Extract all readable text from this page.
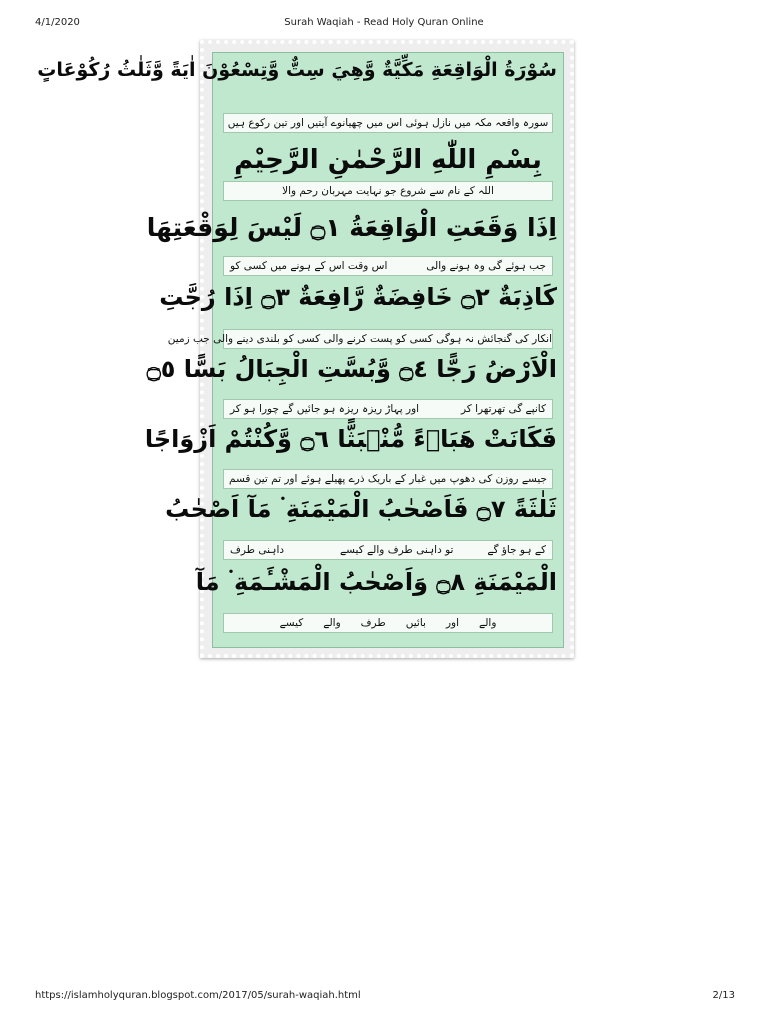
4/1/2020	Surah Waqiah - Read Holy Quran Online
سُوْرَةُ الْوَاقِعَةِ مَكِّيَّةٌ وَّهِيَ سِتٌّ وَّتِسْعُوْنَ اٰيَةً وَّثَلٰثُ رُكُوْعَاتٍ
سورہ واقعہ مکہ میں نازل ہوئی اس میں چھیانوے آیتیں اور تین رکوع ہیں
بِسْمِ اللّٰهِ الرَّحْمٰنِ الرَّحِيْمِ
اللہ کے نام سے شروع جو نہایت مہربان رحم والا
اِذَا وَقَعَتِ الْوَاقِعَةُ ۝١ لَيْسَ لِوَقْعَتِهَا
جب ہوئے گی وہ ہونے والی
اس وقت اس کے ہونے میں کسی کو
كَاذِبَةٌ ۝٢ خَافِضَةٌ رَّافِعَةٌ ۝٣ اِذَا رُجَّتِ
انکار کی گنجائش نہ ہوگی کسی کو پست کرنے والی کسی کو بلندی دینے والی جب زمین
الْاَرْضُ رَجًّا ۝٤ وَّبُسَّتِ الْجِبَالُ بَسًّا ۝٥
کانپے گی تھرتھرا کر
اور پہاڑ ریزہ ریزہ ہو جائیں گے چورا ہو کر
فَكَانَتْ هَبَاۗءً مُّنْۢبَثًّا ۝٦ وَّكُنْتُمْ اَزْوَاجًا
جیسے روزن کی دھوپ میں غبار کے باریک ذرے پھیلے ہوئے اور تم تین قسم
ثَلٰثَةً ۝٧ فَاَصْحٰبُ الْمَيْمَنَةِ ۬ مَآ اَصْحٰبُ
کے ہو جاؤ گے
تو داہنی طرف والے کیسے
داہنی طرف
الْمَيْمَنَةِ ۝٨ وَاَصْحٰبُ الْمَشْـَٔمَةِ ۬ مَآ
والے      اور      بائیں      طرف      والے      کیسے
https://islamholyquran.blogspot.com/2017/05/surah-waqiah.html	2/13
